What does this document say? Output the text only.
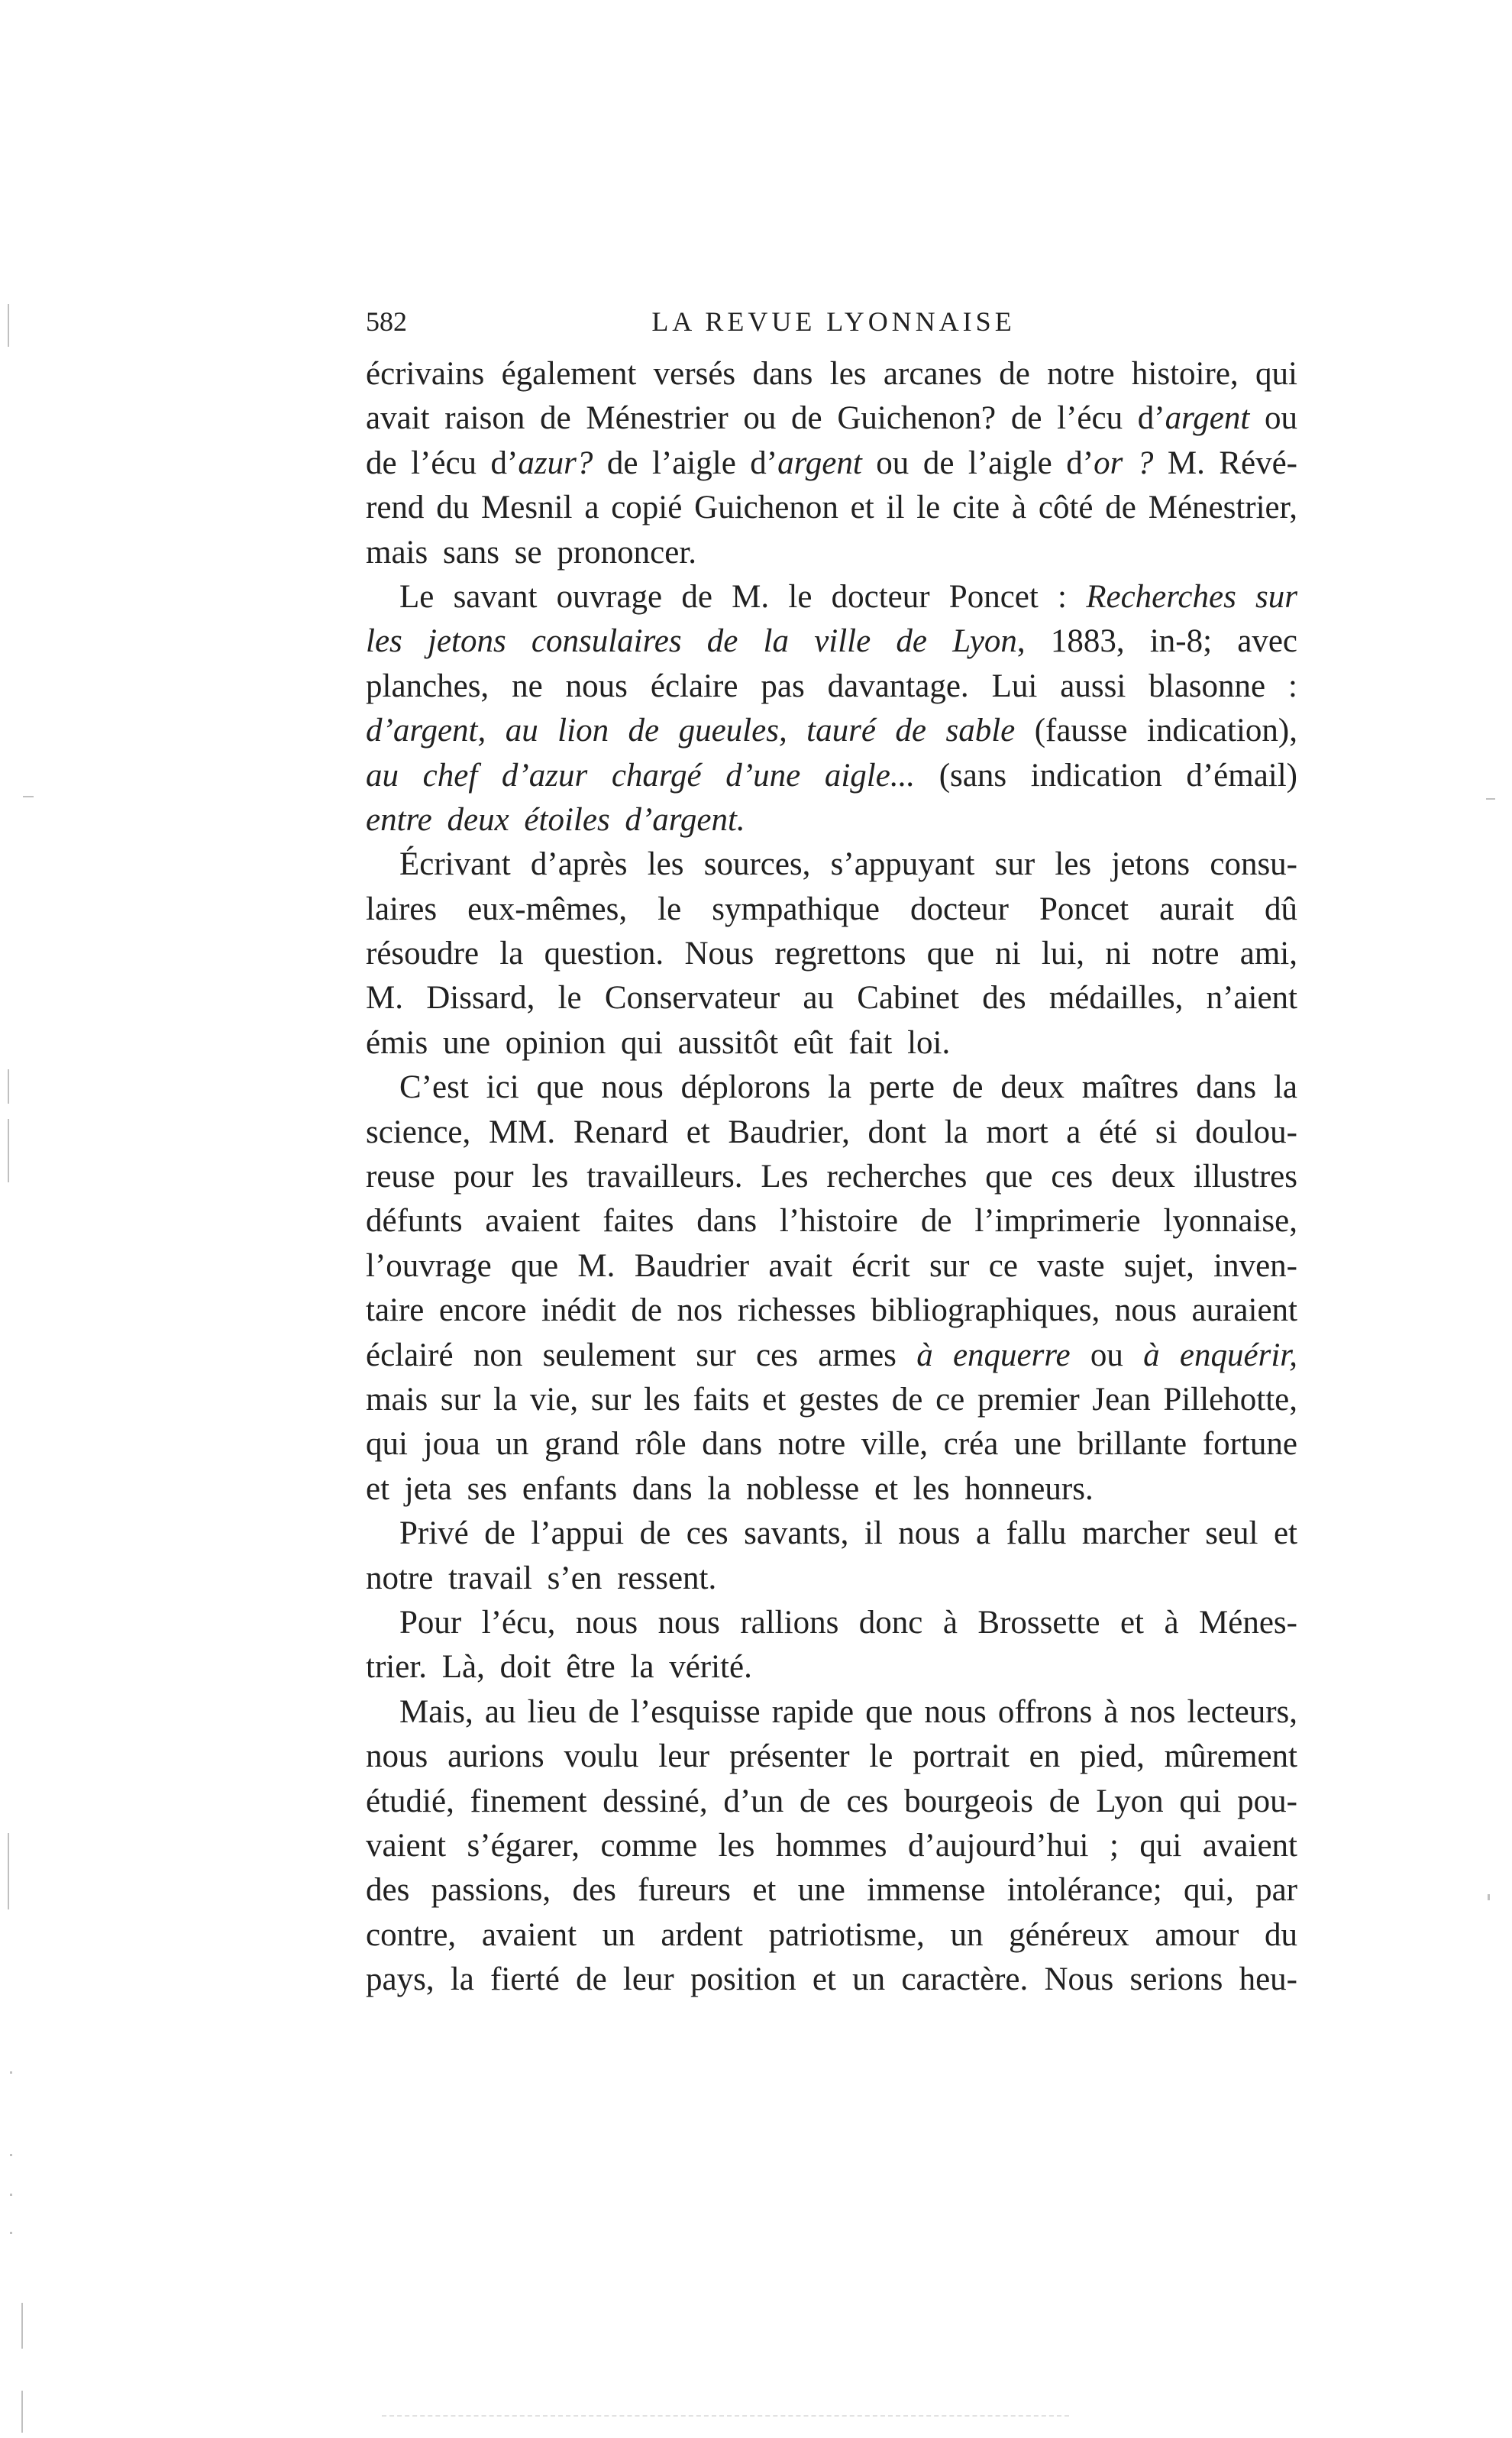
582	LA REVUE LYONNAISE
écrivains également versés dans les arcanes de notre histoire, qui
avait raison de Ménestrier ou de Guichenon? de l’écu d’argent ou
de l’écu d’azur? de l’aigle d’argent ou de l’aigle d’or ? M. Révé-
rend du Mesnil a copié Guichenon et il le cite à côté de Ménestrier,
mais sans se prononcer.
Le savant ouvrage de M. le docteur Poncet : Recherches sur
les jetons consulaires de la ville de Lyon, 1883, in-8; avec
planches, ne nous éclaire pas davantage. Lui aussi blasonne :
d’argent, au lion de gueules, tauré de sable (fausse indication),
au chef d’azur chargé d’une aigle... (sans indication d’émail)
entre deux étoiles d’argent.
Écrivant d’après les sources, s’appuyant sur les jetons consu-
laires eux-mêmes, le sympathique docteur Poncet aurait dû
résoudre la question. Nous regrettons que ni lui, ni notre ami,
M. Dissard, le Conservateur au Cabinet des médailles, n’aient
émis une opinion qui aussitôt eût fait loi.
C’est ici que nous déplorons la perte de deux maîtres dans la
science, MM. Renard et Baudrier, dont la mort a été si doulou-
reuse pour les travailleurs. Les recherches que ces deux illustres
défunts avaient faites dans l’histoire de l’imprimerie lyonnaise,
l’ouvrage que M. Baudrier avait écrit sur ce vaste sujet, inven-
taire encore inédit de nos richesses bibliographiques, nous auraient
éclairé non seulement sur ces armes à enquerre ou à enquérir,
mais sur la vie, sur les faits et gestes de ce premier Jean Pillehotte,
qui joua un grand rôle dans notre ville, créa une brillante fortune
et jeta ses enfants dans la noblesse et les honneurs.
Privé de l’appui de ces savants, il nous a fallu marcher seul et
notre travail s’en ressent.
Pour l’écu, nous nous rallions donc à Brossette et à Ménes-
trier. Là, doit être la vérité.
Mais, au lieu de l’esquisse rapide que nous offrons à nos lecteurs,
nous aurions voulu leur présenter le portrait en pied, mûrement
étudié, finement dessiné, d’un de ces bourgeois de Lyon qui pou-
vaient s’égarer, comme les hommes d’aujourd’hui ; qui avaient
des passions, des fureurs et une immense intolérance; qui, par
contre, avaient un ardent patriotisme, un généreux amour du
pays, la fierté de leur position et un caractère. Nous serions heu-
